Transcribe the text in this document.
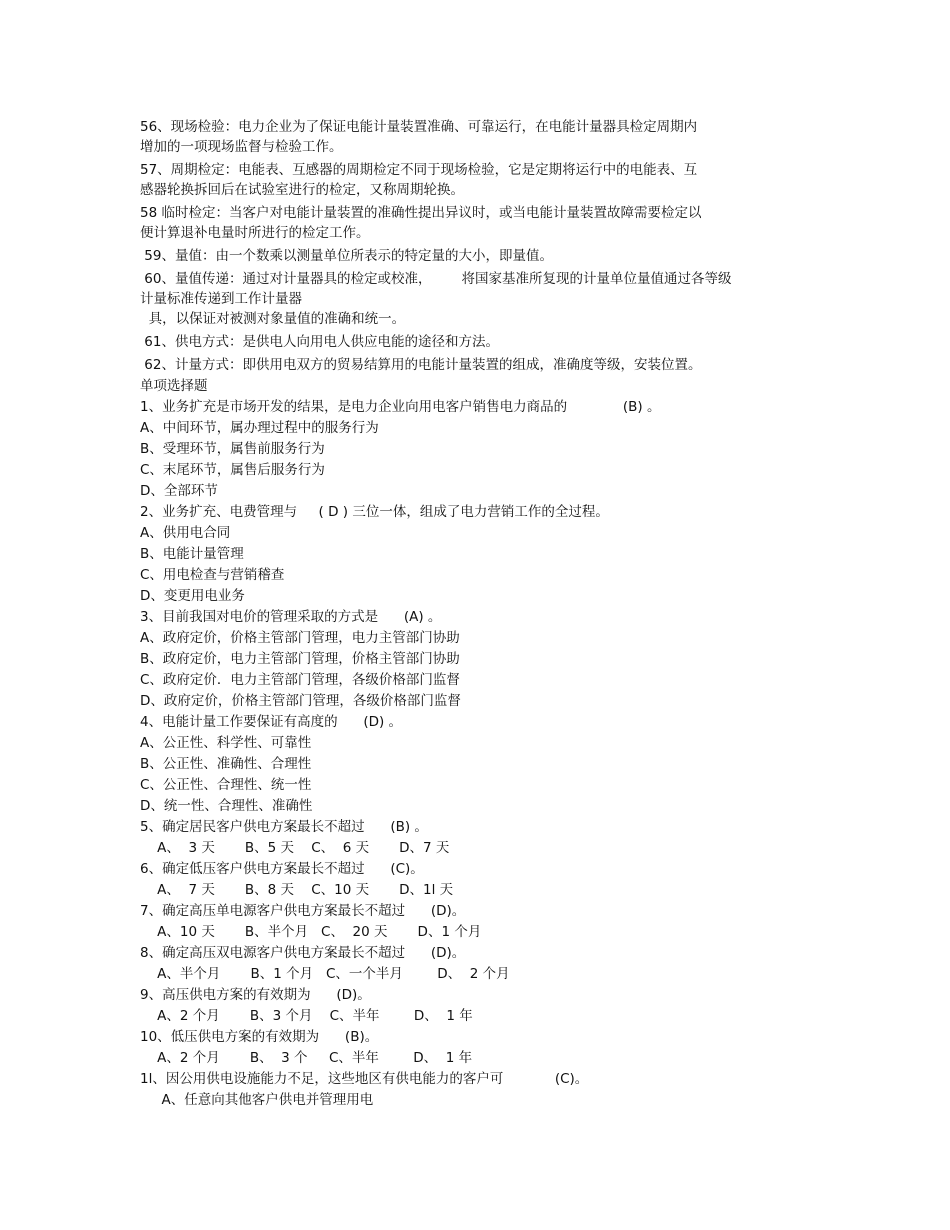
56、现场检验：电力企业为了保证电能计量装置准确、可靠运行，在电能计量器具检定周期内
增加的一项现场监督与检验工作。
57、周期检定：电能表、互感器的周期检定不同于现场检验，它是定期将运行中的电能表、互
感器轮换拆回后在试验室进行的检定，又称周期轮换。
58 临时检定：当客户对电能计量装置的准确性提出异议时，或当电能计量装置故障需要检定以
便计算退补电量时所进行的检定工作。
59、量值：由一个数乘以测量单位所表示的特定量的大小，即量值。
60、量值传递：通过对计量器具的检定或校准，       将国家基准所复现的计量单位量值通过各等级
计量标准传递到工作计量器
具，以保证对被测对象量值的准确和统一。
61、供电方式：是供电人向用电人供应电能的途径和方法。
62、计量方式：即供用电双方的贸易结算用的电能计量装置的组成，准确度等级，安装位置。
单项选择题
1、业务扩充是市场开发的结果，是电力企业向用电客户销售电力商品的             (B) 。
A、中间环节，属办理过程中的服务行为
B、受理环节，属售前服务行为
C、末尾环节，属售后服务行为
D、全部环节
2、业务扩充、电费管理与     ( D ) 三位一体，组成了电力营销工作的全过程。
A、供用电合同
B、电能计量管理
C、用电检查与营销稽查
D、变更用电业务
3、目前我国对电价的管理采取的方式是      (A) 。
A、政府定价，价格主管部门管理，电力主管部门协助
B、政府定价，电力主管部门管理，价格主管部门协助
C、政府定价．电力主管部门管理，各级价格部门监督
D、政府定价，价格主管部门管理，各级价格部门监督
4、电能计量工作要保证有高度的      (D) 。
A、公正性、科学性、可靠性
B、公正性、准确性、合理性
C、公正性、合理性、统一性
D、统一性、合理性、准确性
5、确定居民客户供电方案最长不超过      (B) 。
A、  3 天       B、5 天    C、  6 天       D、7 天
6、确定低压客户供电方案最长不超过      (C)。
A、  7 天       B、8 天    C、10 天       D、1l 天
7、确定高压单电源客户供电方案最长不超过      (D)。
A、10 天       B、半个月   C、  20 天       D、1 个月
8、确定高压双电源客户供电方案最长不超过      (D)。
A、半个月       B、1 个月   C、一个半月        D、  2 个月
9、高压供电方案的有效期为      (D)。
A、2 个月       B、3 个月    C、半年        D、  1 年
10、低压供电方案的有效期为      (B)。
A、2 个月       B、  3 个     C、半年        D、  1 年
1l、因公用供电设施能力不足，这些地区有供电能力的客户可            (C)。
A、任意向其他客户供电并管理用电
